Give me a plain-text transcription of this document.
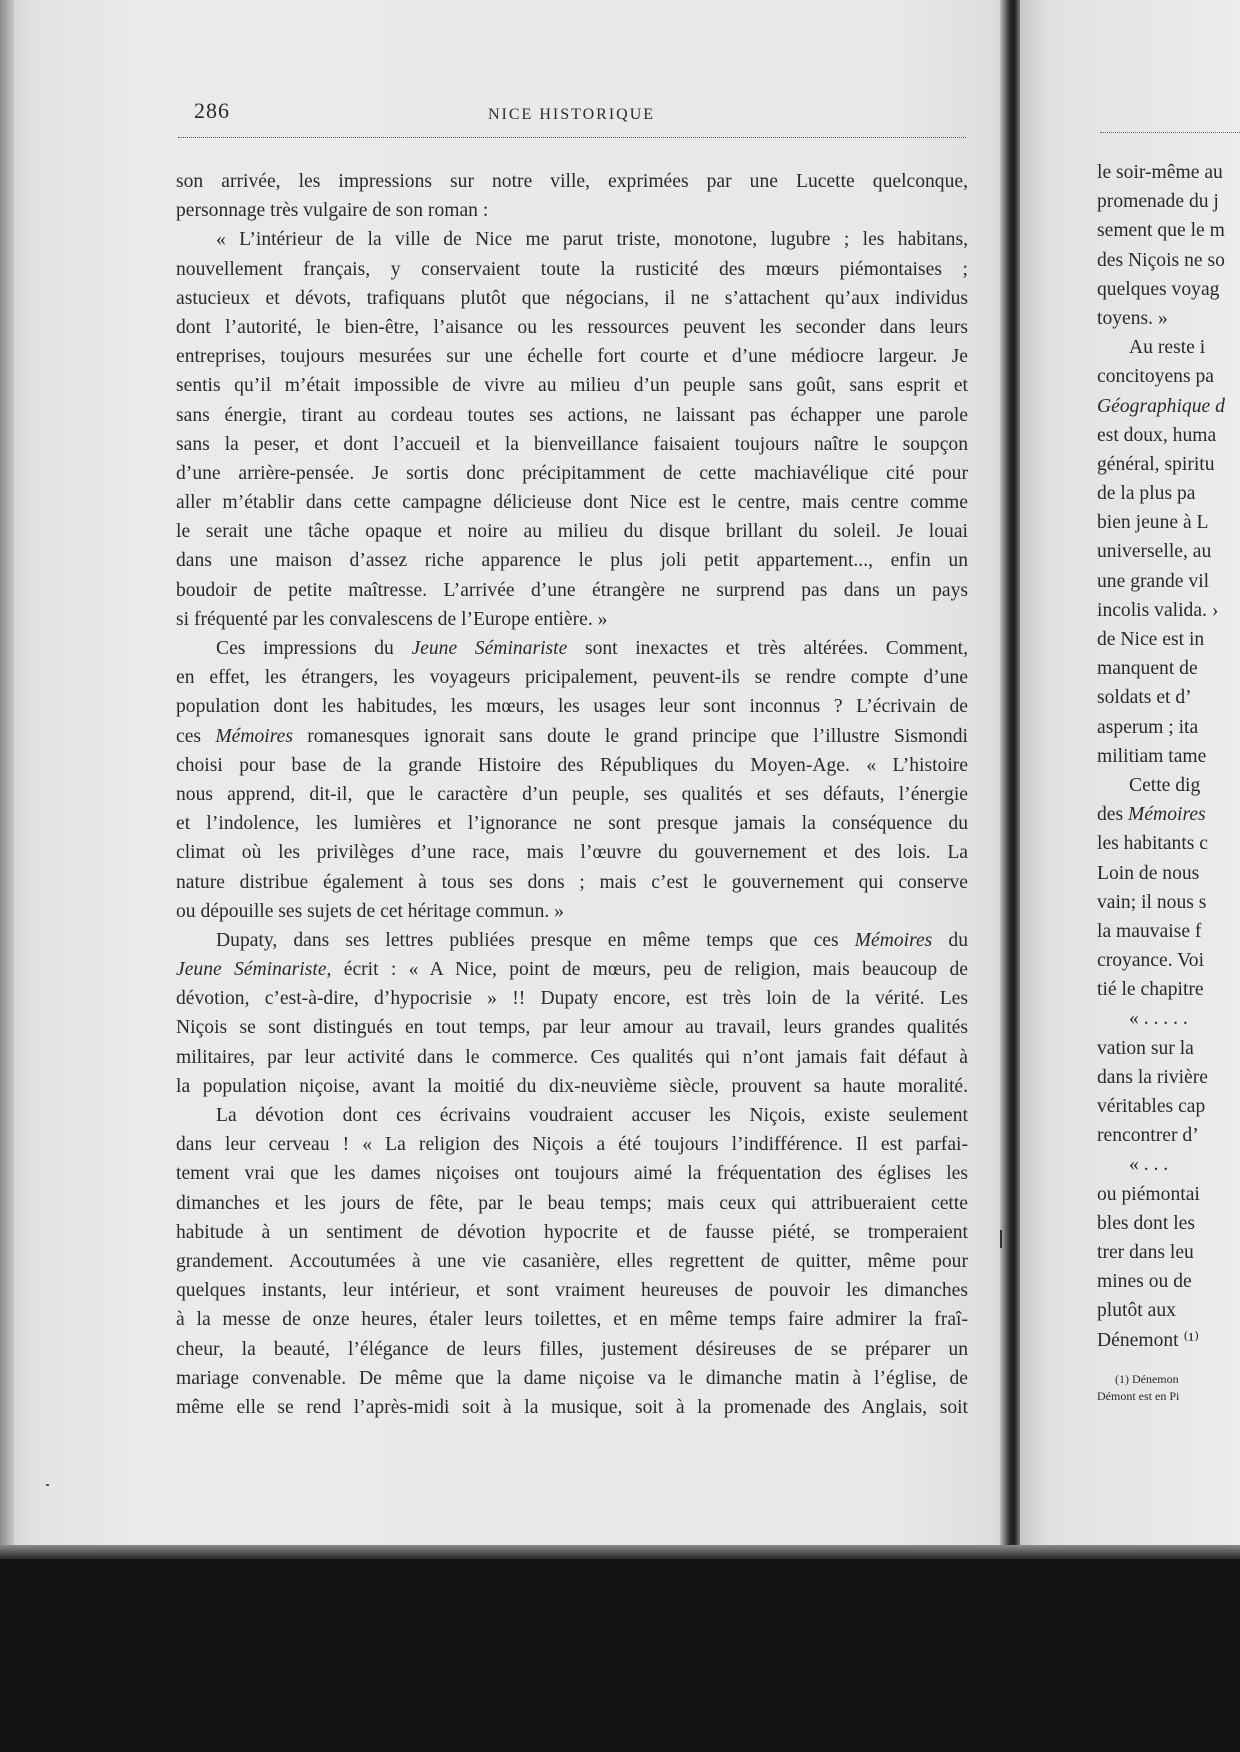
286	NICE HISTORIQUE
son arrivée, les impressions sur notre ville, exprimées par une Lucette quelconque,
personnage très vulgaire de son roman :
« L’intérieur de la ville de Nice me parut triste, monotone, lugubre ; les habitans,
nouvellement français, y conservaient toute la rusticité des mœurs piémontaises ;
astucieux et dévots, trafiquans plutôt que négocians, il ne s’attachent qu’aux individus
dont l’autorité, le bien-être, l’aisance ou les ressources peuvent les seconder dans leurs
entreprises, toujours mesurées sur une échelle fort courte et d’une médiocre largeur. Je
sentis qu’il m’était impossible de vivre au milieu d’un peuple sans goût, sans esprit et
sans énergie, tirant au cordeau toutes ses actions, ne laissant pas échapper une parole
sans la peser, et dont l’accueil et la bienveillance faisaient toujours naître le soupçon
d’une arrière-pensée. Je sortis donc précipitamment de cette machiavélique cité pour
aller m’établir dans cette campagne délicieuse dont Nice est le centre, mais centre comme
le serait une tâche opaque et noire au milieu du disque brillant du soleil. Je louai
dans une maison d’assez riche apparence le plus joli petit appartement..., enfin un
boudoir de petite maîtresse. L’arrivée d’une étrangère ne surprend pas dans un pays
si fréquenté par les convalescens de l’Europe entière. »
Ces impressions du Jeune Séminariste sont inexactes et très altérées. Comment,
en effet, les étrangers, les voyageurs pricipalement, peuvent-ils se rendre compte d’une
population dont les habitudes, les mœurs, les usages leur sont inconnus ? L’écrivain de
ces Mémoires romanesques ignorait sans doute le grand principe que l’illustre Sismondi
choisi pour base de la grande Histoire des Républiques du Moyen-Age. « L’histoire
nous apprend, dit-il, que le caractère d’un peuple, ses qualités et ses défauts, l’énergie
et l’indolence, les lumières et l’ignorance ne sont presque jamais la conséquence du
climat où les privilèges d’une race, mais l’œuvre du gouvernement et des lois. La
nature distribue également à tous ses dons ; mais c’est le gouvernement qui conserve
ou dépouille ses sujets de cet héritage commun. »
Dupaty, dans ses lettres publiées presque en même temps que ces Mémoires du
Jeune Séminariste, écrit : « A Nice, point de mœurs, peu de religion, mais beaucoup de
dévotion, c’est-à-dire, d’hypocrisie » !! Dupaty encore, est très loin de la vérité. Les
Niçois se sont distingués en tout temps, par leur amour au travail, leurs grandes qualités
militaires, par leur activité dans le commerce. Ces qualités qui n’ont jamais fait défaut à
la population niçoise, avant la moitié du dix-neuvième siècle, prouvent sa haute moralité.
La dévotion dont ces écrivains voudraient accuser les Niçois, existe seulement
dans leur cerveau ! « La religion des Niçois a été toujours l’indifférence. Il est parfai-
tement vrai que les dames niçoises ont toujours aimé la fréquentation des églises les
dimanches et les jours de fête, par le beau temps; mais ceux qui attribueraient cette
habitude à un sentiment de dévotion hypocrite et de fausse piété, se tromperaient
grandement. Accoutumées à une vie casanière, elles regrettent de quitter, même pour
quelques instants, leur intérieur, et sont vraiment heureuses de pouvoir les dimanches
à la messe de onze heures, étaler leurs toilettes, et en même temps faire admirer la fraî-
cheur, la beauté, l’élégance de leurs filles, justement désireuses de se préparer un
mariage convenable. De même que la dame niçoise va le dimanche matin à l’église, de
même elle se rend l’après-midi soit à la musique, soit à la promenade des Anglais, soit
le soir-même au
promenade du j
sement que le m
des Niçois ne so
quelques voyag
toyens. »
Au reste i
concitoyens pa
Géographique d
est doux, huma
général, spiritu
de la plus pa
bien jeune à L
universelle, au
une grande vil
incolis valida. ›
de Nice est in
manquent de
soldats et d’
asperum ; ita
militiam tame
Cette dig
des Mémoires
les habitants c
Loin de nous
vain; il nous s
la mauvaise f
croyance. Voi
tié le chapitre
« . . . . .
vation sur la
dans la rivière
véritables cap
rencontrer d’
« . . .
ou piémontai
bles dont les
trer dans leu
mines ou de
plutôt aux
Dénemont ⁽¹⁾
(1) Dénemon
Démont est en Pi
